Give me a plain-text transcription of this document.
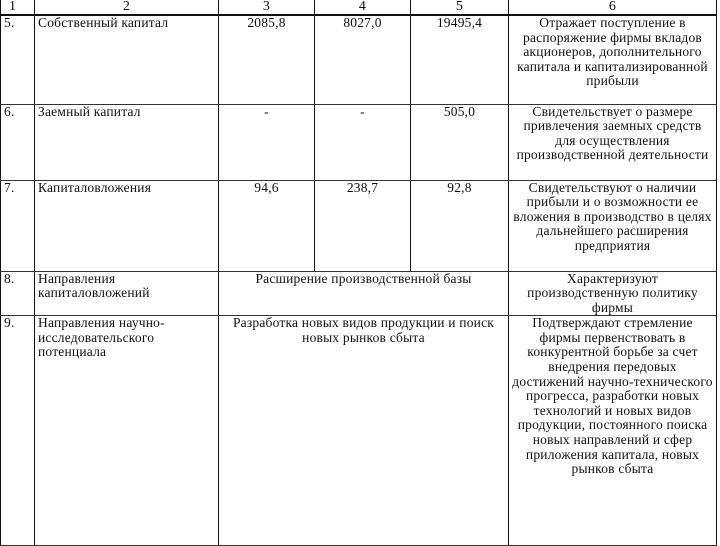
1	2	3	4	5	6
5.	Собственный капитал	2085,8	8027,0	19495,4	Отражает поступление в распоряжение фирмы вкладов акционеров, дополнительного капитала и капитализированной прибыли
6.	Заемный капитал	-	-	505,0	Свидетельствует о размере привлечения заемных средств для осуществления производственной деятельности
7.	Капиталовложения	94,6	238,7	92,8	Свидетельствуют о наличии прибыли и о возможности ее вложения в производство в целях дальнейшего расширения предприятия
8.	Направления капиталовложений	Расширение производственной базы			Характеризуют производственную политику фирмы
9.	Направления научно-исследовательского потенциала	Разработка новых видов продукции и поиск новых рынков сбыта			Подтверждают стремление фирмы первенствовать в конкурентной борьбе за счет внедрения передовых достижений научно-технического прогресса, разработки новых технологий и новых видов продукции, постоянного поиска новых направлений и сфер приложения капитала, новых рынков сбыта
